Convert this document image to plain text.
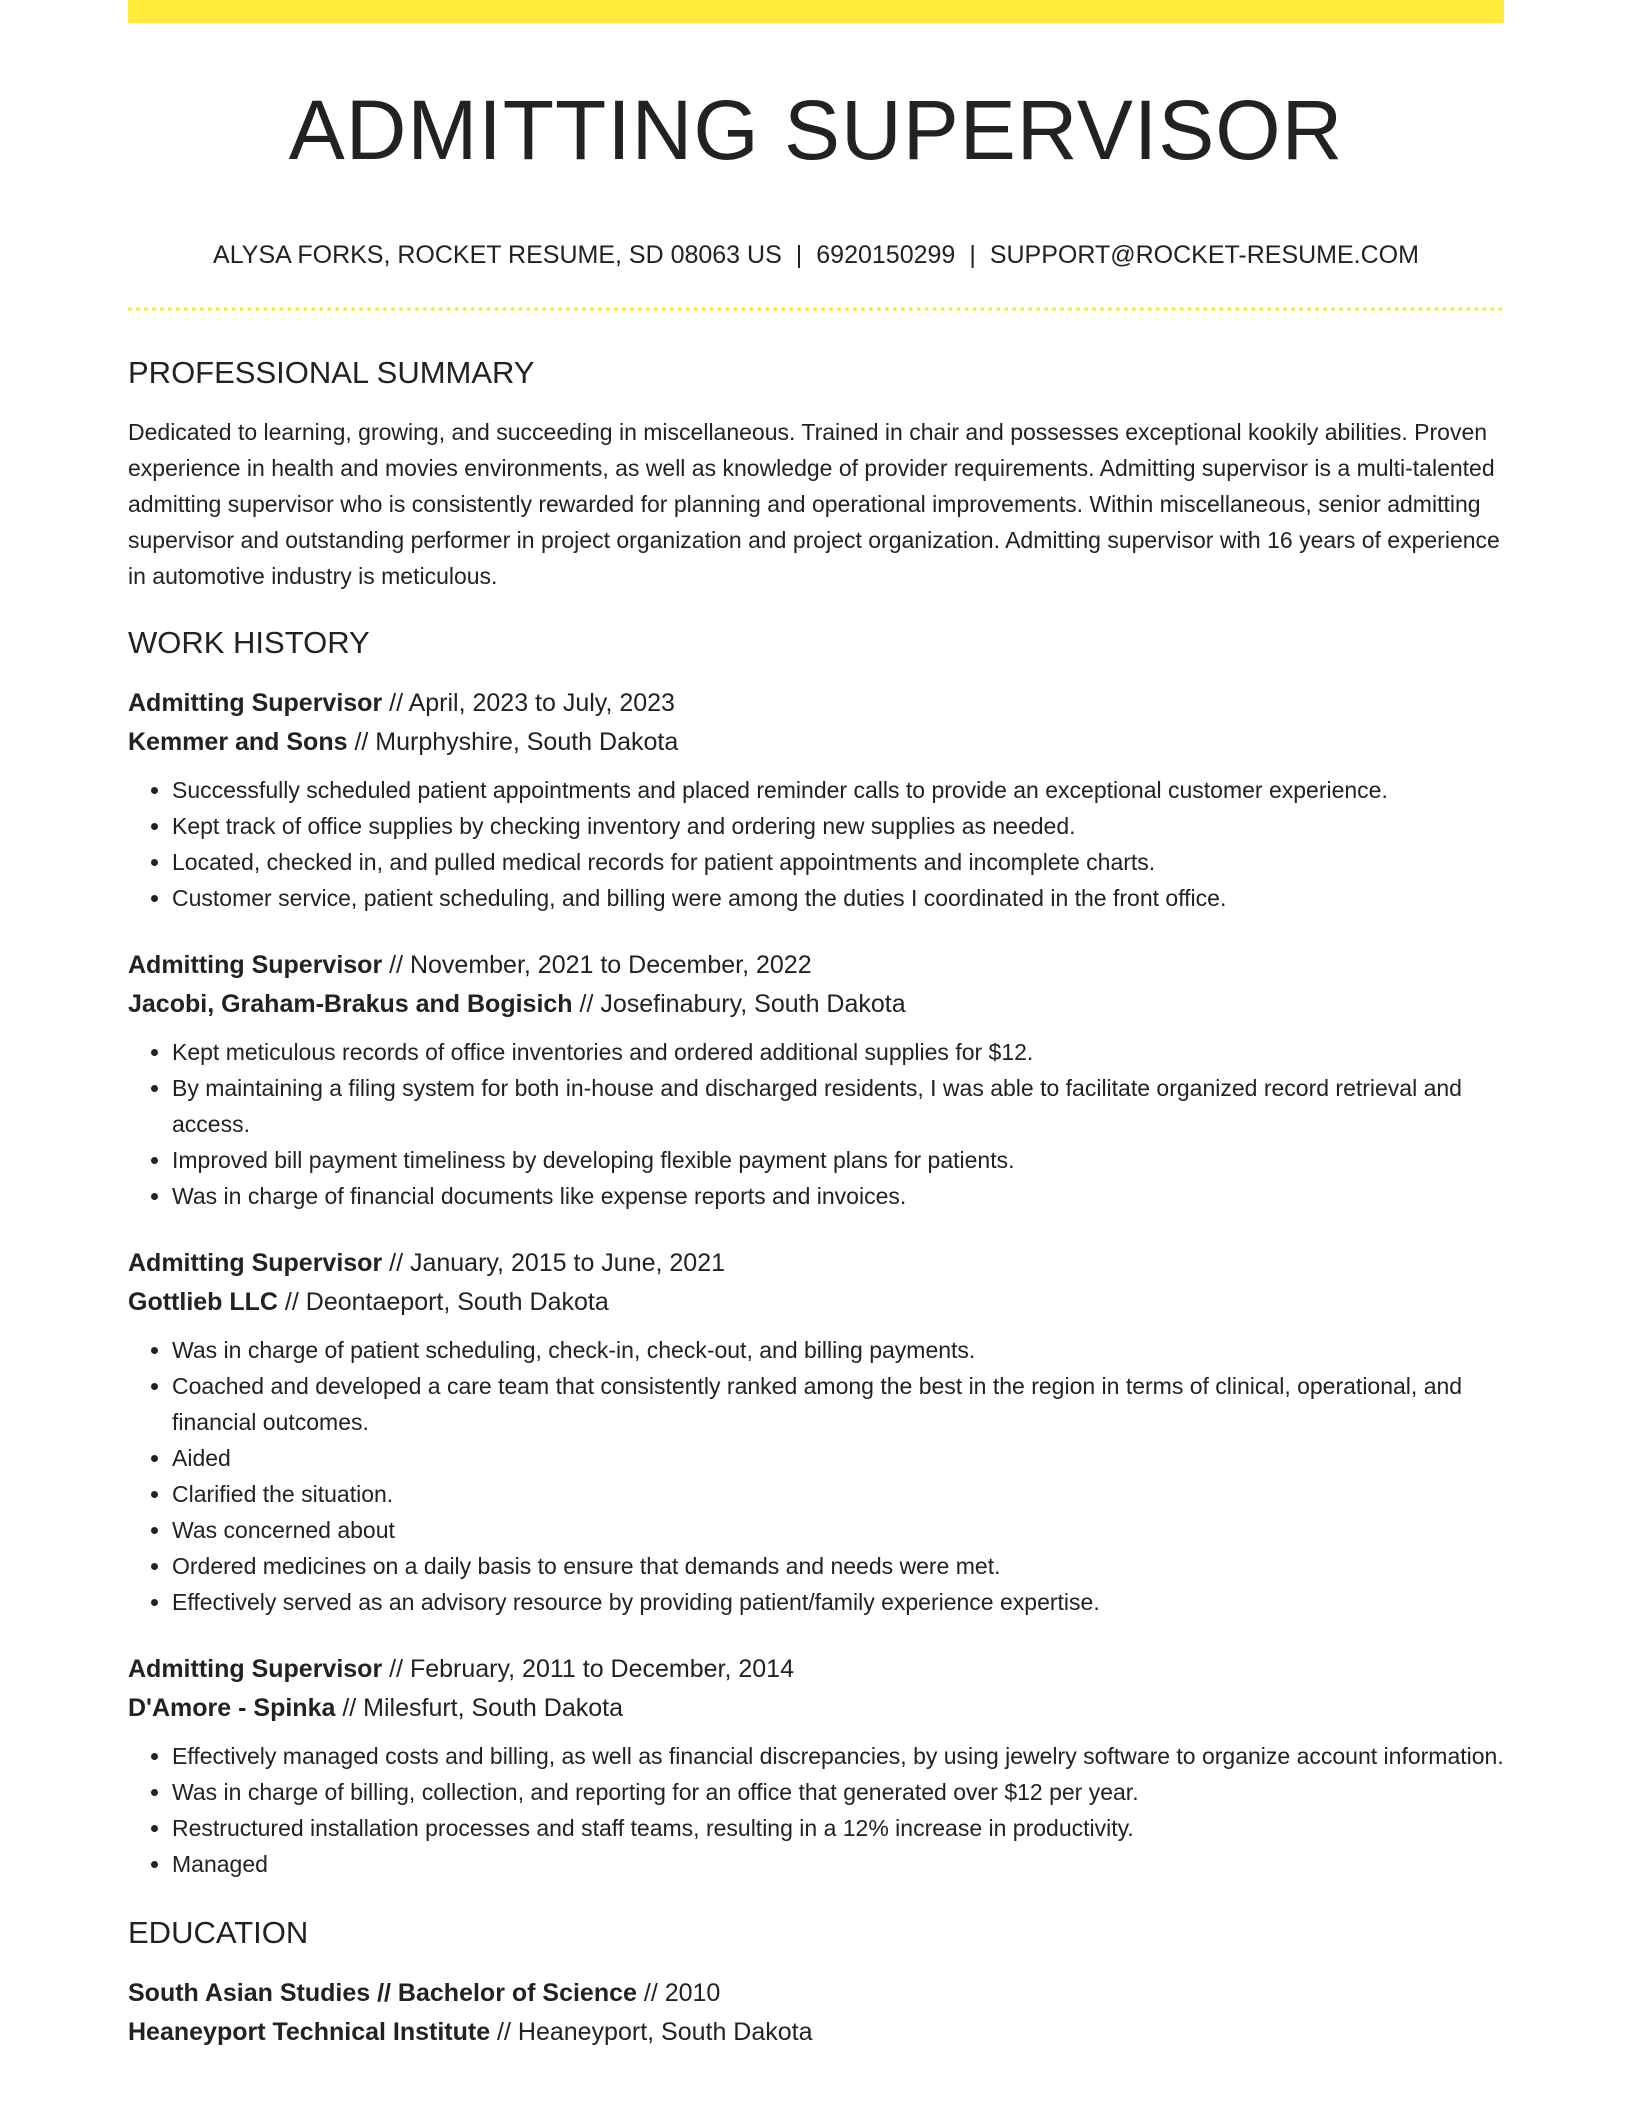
ADMITTING SUPERVISOR
ALYSA FORKS, ROCKET RESUME, SD 08063 US | 6920150299 | SUPPORT@ROCKET-RESUME.COM
PROFESSIONAL SUMMARY

Dedicated to learning, growing, and succeeding in miscellaneous. Trained in chair and possesses exceptional kookily abilities. Proven experience in health and movies environments, as well as knowledge of provider requirements. Admitting supervisor is a multi-talented admitting supervisor who is consistently rewarded for planning and operational improvements. Within miscellaneous, senior admitting supervisor and outstanding performer in project organization and project organization. Admitting supervisor with 16 years of experience in automotive industry is meticulous.

WORK HISTORY
Admitting Supervisor // April, 2023 to July, 2023
Kemmer and Sons // Murphyshire, South Dakota
• Successfully scheduled patient appointments and placed reminder calls to provide an exceptional customer experience.
• Kept track of office supplies by checking inventory and ordering new supplies as needed.
• Located, checked in, and pulled medical records for patient appointments and incomplete charts.
• Customer service, patient scheduling, and billing were among the duties I coordinated in the front office.
Admitting Supervisor // November, 2021 to December, 2022
Jacobi, Graham-Brakus and Bogisich // Josefinabury, South Dakota
• Kept meticulous records of office inventories and ordered additional supplies for $12.
• By maintaining a filing system for both in-house and discharged residents, I was able to facilitate organized record retrieval and access.
• Improved bill payment timeliness by developing flexible payment plans for patients.
• Was in charge of financial documents like expense reports and invoices.
Admitting Supervisor // January, 2015 to June, 2021
Gottlieb LLC // Deontaeport, South Dakota
• Was in charge of patient scheduling, check-in, check-out, and billing payments.
• Coached and developed a care team that consistently ranked among the best in the region in terms of clinical, operational, and financial outcomes.
• Aided
• Clarified the situation.
• Was concerned about
• Ordered medicines on a daily basis to ensure that demands and needs were met.
• Effectively served as an advisory resource by providing patient/family experience expertise.
Admitting Supervisor // February, 2011 to December, 2014
D'Amore - Spinka // Milesfurt, South Dakota
• Effectively managed costs and billing, as well as financial discrepancies, by using jewelry software to organize account information.
• Was in charge of billing, collection, and reporting for an office that generated over $12 per year.
• Restructured installation processes and staff teams, resulting in a 12% increase in productivity.
• Managed
EDUCATION
South Asian Studies // Bachelor of Science // 2010
Heaneyport Technical Institute // Heaneyport, South Dakota
